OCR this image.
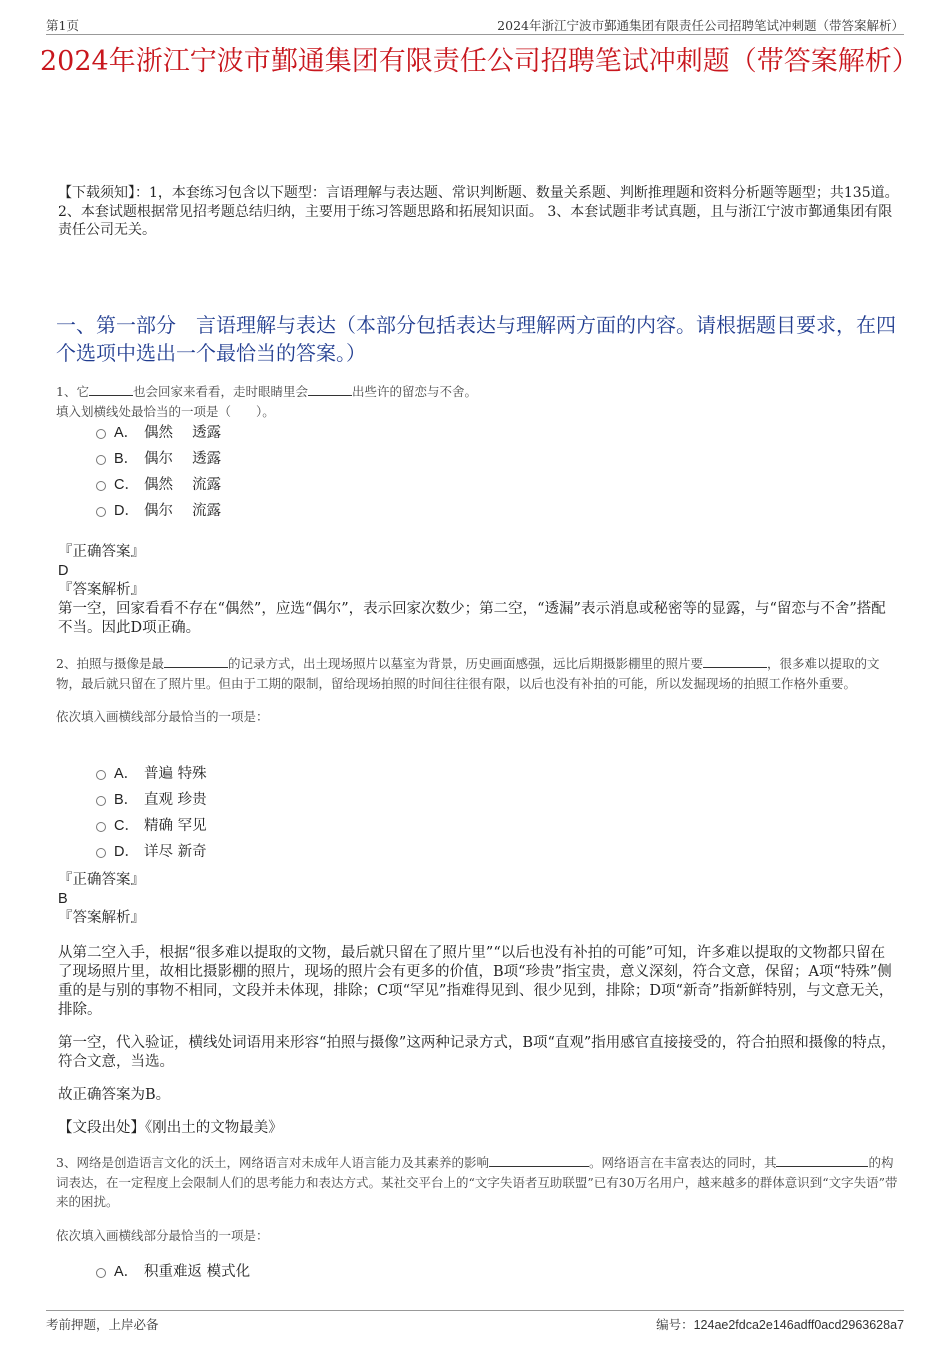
第1页	2024年浙江宁波市鄞通集团有限责任公司招聘笔试冲刺题（带答案解析）
2024年浙江宁波市鄞通集团有限责任公司招聘笔试冲刺题（带答案解析）
【下载须知】：1，本套练习包含以下题型：言语理解与表达题、常识判断题、数量关系题、判断推理题和资料分析题等题型；共135道。 2、本套试题根据常见招考题总结归纳，主要用于练习答题思路和拓展知识面。 3、本套试题非考试真题，且与浙江宁波市鄞通集团有限责任公司无关。
一、第一部分　言语理解与表达（本部分包括表达与理解两方面的内容。请根据题目要求，在四个选项中选出一个最恰当的答案。）

1、它	也会回家来看看，走时眼睛里会	出些许的留恋与不舍。

填入划横线处最恰当的一项是（　　）。

A． 偶然　 透露
B． 偶尔　 透露
C． 偶然　 流露
D． 偶尔　 流露

『正确答案』

D

『答案解析』

第一空，回家看看不存在“偶然”，应选“偶尔”，表示回家次数少；第二空，“透漏”表示消息或秘密等的显露，与“留恋与不舍”搭配不当。因此D项正确。

2、拍照与摄像是最	的记录方式，出土现场照片以墓室为背景，历史画面感强，远比后期摄影棚里的照片要	，很多难以提取的文物，最后就只留在了照片里。但由于工期的限制，留给现场拍照的时间往往很有限，以后也没有补拍的可能，所以发掘现场的拍照工作格外重要。

依次填入画横线部分最恰当的一项是：

A． 普遍 特殊
B． 直观 珍贵
C． 精确 罕见
D． 详尽 新奇

『正确答案』

B

『答案解析』

从第二空入手，根据“很多难以提取的文物，最后就只留在了照片里”“以后也没有补拍的可能”可知，许多难以提取的文物都只留在了现场照片里，故相比摄影棚的照片，现场的照片会有更多的价值，B项“珍贵”指宝贵，意义深刻，符合文意，保留；A项“特殊”侧重的是与别的事物不相同，文段并未体现，排除；C项“罕见”指难得见到、很少见到，排除；D项“新奇”指新鲜特别，与文意无关，排除。

第一空，代入验证，横线处词语用来形容“拍照与摄像”这两种记录方式，B项“直观”指用感官直接接受的，符合拍照和摄像的特点，符合文意，当选。

故正确答案为B。

【文段出处】《刚出土的文物最美》

3、网络是创造语言文化的沃土，网络语言对未成年人语言能力及其素养的影响	。网络语言在丰富表达的同时，其	的构词表达，在一定程度上会限制人们的思考能力和表达方式。某社交平台上的“文字失语者互助联盟”已有30万名用户，越来越多的群体意识到“文字失语”带来的困扰。

依次填入画横线部分最恰当的一项是：

A． 积重难返 模式化
考前押题，上岸必备	编号：124ae2fdca2e146adff0acd2963628a7
